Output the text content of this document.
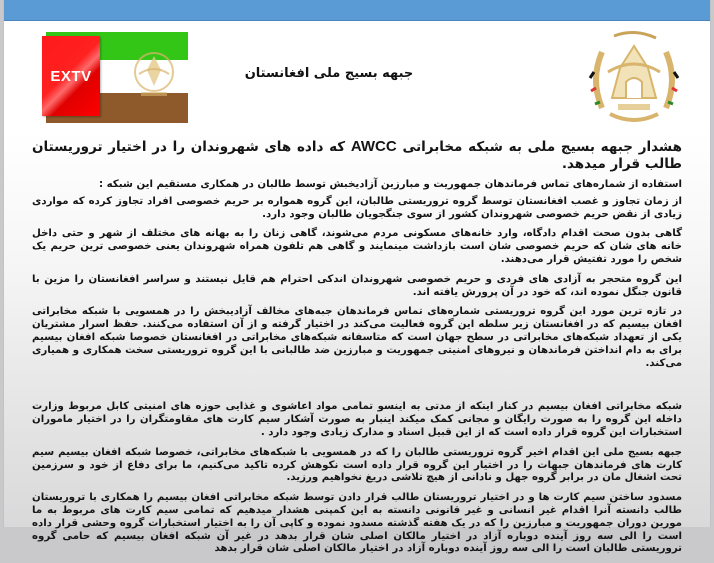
EXTV	جبهه بسیج ملی افغانستان

هشدار جبهه بسیج ملی به شبکه مخابراتی AWCC که داده های شهروندان را در اختیار تروریستان طالب قرار میدهد.

استفاده از شماره‌های تماس فرماندهان جمهوریت و مبارزین آزادیخبش توسط طالبان در همکاری مستقیم این شبکه :

از زمان تجاوز و غصب افغانستان توسط گروه تروریستی طالبان، این گروه همواره بر حریم خصوصی افراد تجاوز کرده که مواردی زیادی از نقض حریم خصوصی شهروندان کشور از سوی جنگجویان طالبان وجود دارد.

گاهی بدون صحت اقدام دادگاه، وارد خانه‌های مسکونی مردم می‌شوند، گاهی زنان را به بهانه های مختلف از شهر و حتی داخل خانه های شان که حریم خصوصی شان است بازداشت مینمایند و گاهی هم تلفون همراه شهروندان یعنی خصوصی ترین حریم یک شخص را مورد تفتیش قرار می‌دهند.

این گروه متحجر به آزادی های فردی و حریم خصوصی شهروندان اندکی احترام هم قایل نیستند و سراسر افغانستان را مزین با قانون جنگل نموده اند، که خود در آن پرورش یافته اند.

در تازه ترین مورد این گروه تروریستی شماره‌های تماس فرماندهان جبه‌های مخالف آزادیبخش را در همسویی با شبکه مخابراتی افغان بیسیم که در افغانستان زیر سلطه این گروه فعالیت می‌کند در اختیار گرفته و از آن استفاده می‌کنند. حفظ اسرار مشتریان یکی از تعهداد شبکه‌های مخابراتی در سطح جهان است که متاسفانه شبکه‌های مخابراتی در افغانستان خصوصا شبکه افغان بیسیم برای به دام انداختن فرماندهان و نیروهای امنیتی جمهوریت و مبارزین ضد طالبانی با این گروه تروریستی سخت همکاری و همیاری می‌کند.

شبکه مخابراتی افغان بیسیم در کنار اینکه از مدتی به اینسو تمامی مواد اعاشوی و غذایی حوزه های امنیتی کابل مربوط وزارت داخله این گروه را به صورت رایگان و مجانی کمک میکند اینبار به صورت آشکار سیم کارت های مقاومتگران را در اختیار ماموران استخبارات این گروه قرار داده است که از این قبیل اسناد و مدارک زیادی وجود دارد .

جبهه بسیج ملی این اقدام اخیر گروه تروریستی طالبان را که در همسویی با شبکه‌های مخابراتی، خصوصا شبکه افغان بیسیم سیم کارت های فرماندهان جبهات را در اختیار این گروه قرار داده است نکوهش کرده تاکید می‌کنیم، ما برای دفاع از خود و سرزمین تحت اشغال مان در برابر گروه جهل و نادانی از هیچ تلاشی دریغ نخواهیم ورزید.

مسدود ساختن سیم کارت ها و در اختیار تروریستان طالب قرار دادن توسط شبکه مخابراتی افغان بیسیم را همکاری با تروریستان طالب دانسته آنرا اقدام غیر انسانی و غیر قانونی دانسته به این کمپنی هشدار میدهیم که تمامی سیم کارت های مربوط به ما مورین دوران جمهوریت و مبارزین را که در یک هفته گذشته مسدود نموده و کاپی آن را به اختیار استخبارات گروه وحشی قرار داده است را الی سه روز آینده دوباره آزاد در اختیار مالکان اصلی شان قرار بدهد در غیر آن شبکه افغان بیسیم که حامی گروه تروریستی طالبان است را الی سه روز آینده دوباره آزاد در اختیار مالکان اصلی شان قرار بدهد
